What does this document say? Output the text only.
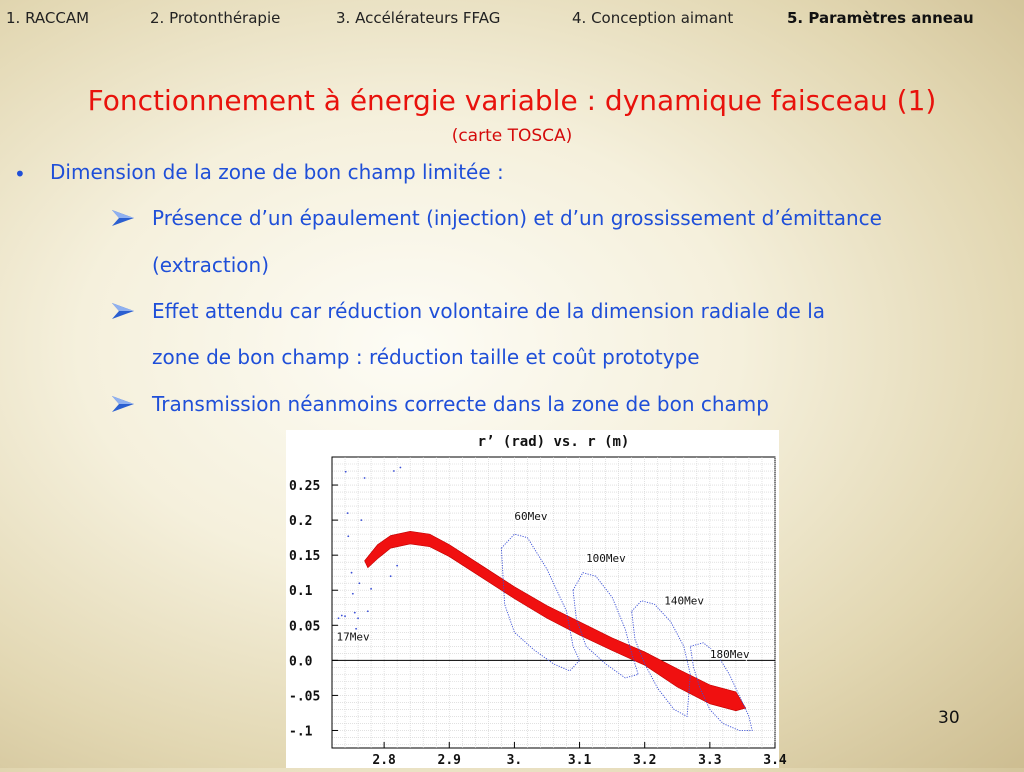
1. RACCAM	2. Protonthérapie	3. Accélérateurs FFAG	4. Conception aimant	5. Paramètres anneau
Fonctionnement à énergie variable : dynamique faisceau (1)
(carte TOSCA)
• Dimension de la zone de bon champ limitée :
Présence d’un épaulement (injection) et d’un grossissement d’émittance
(extraction)
Effet attendu car réduction volontaire de la dimension radiale de la
zone de bon champ : réduction taille et coût prototype
Transmission néanmoins correcte dans la zone de bon champ
r’ (rad) vs. r (m)
2.8	2.9	3.	3.1	3.2	3.3	3.4
0.25
0.2
0.15
0.1
0.05
0.0
-.05
-.1
60Mev
100Mev
140Mev
180Mev
17Mev
30
